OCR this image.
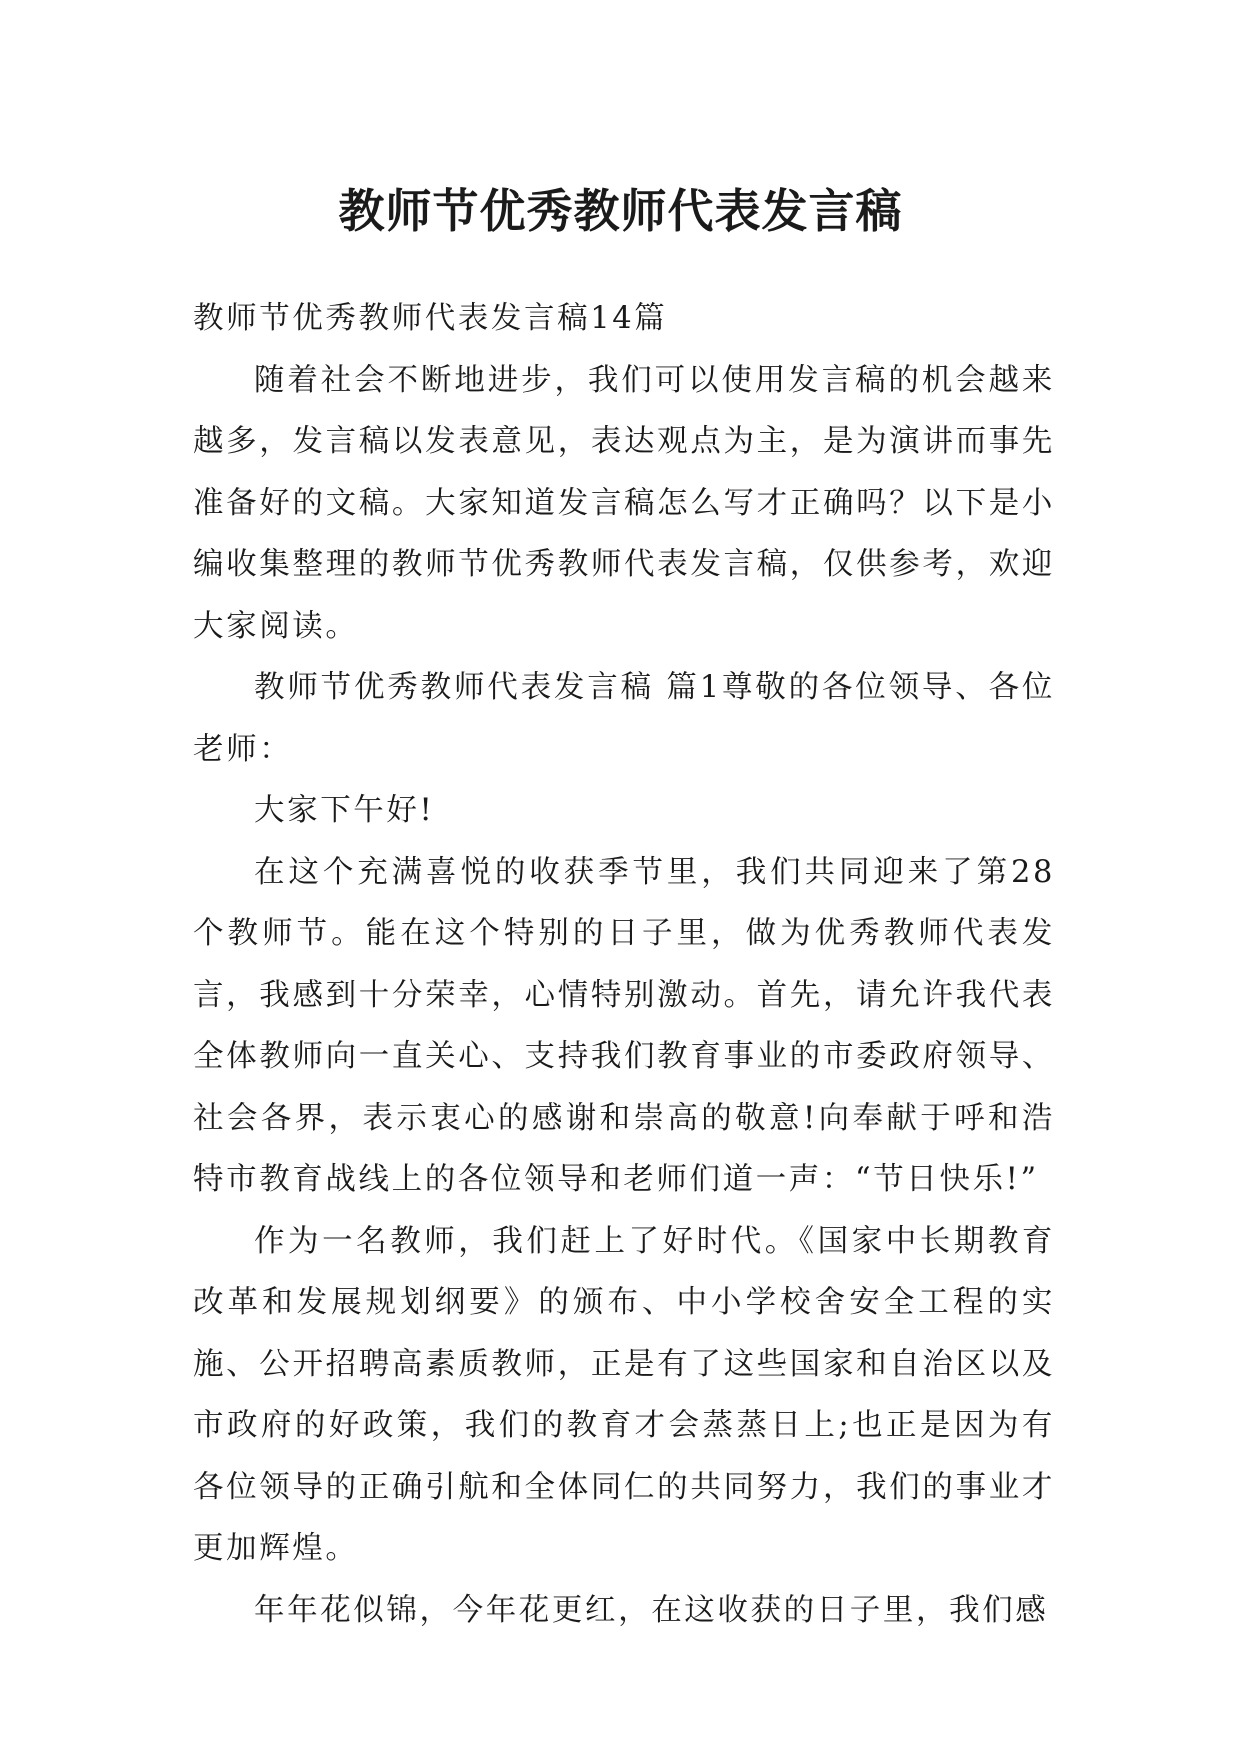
教师节优秀教师代表发言稿

教师节优秀教师代表发言稿14篇

随着社会不断地进步，我们可以使用发言稿的机会越来越多，发言稿以发表意见，表达观点为主，是为演讲而事先准备好的文稿。大家知道发言稿怎么写才正确吗？以下是小编收集整理的教师节优秀教师代表发言稿，仅供参考，欢迎大家阅读。

教师节优秀教师代表发言稿 篇1尊敬的各位领导、各位老师：

大家下午好!

在这个充满喜悦的收获季节里，我们共同迎来了第28个教师节。能在这个特别的日子里，做为优秀教师代表发言，我感到十分荣幸，心情特别激动。首先，请允许我代表全体教师向一直关心、支持我们教育事业的市委政府领导、社会各界，表示衷心的感谢和崇高的敬意!向奉献于呼和浩特市教育战线上的各位领导和老师们道一声：“节日快乐!”

作为一名教师，我们赶上了好时代。《国家中长期教育改革和发展规划纲要》的颁布、中小学校舍安全工程的实施、公开招聘高素质教师，正是有了这些国家和自治区以及市政府的好政策，我们的教育才会蒸蒸日上;也正是因为有各位领导的正确引航和全体同仁的共同努力，我们的事业才更加辉煌。

年年花似锦，今年花更红，在这收获的日子里，我们感
